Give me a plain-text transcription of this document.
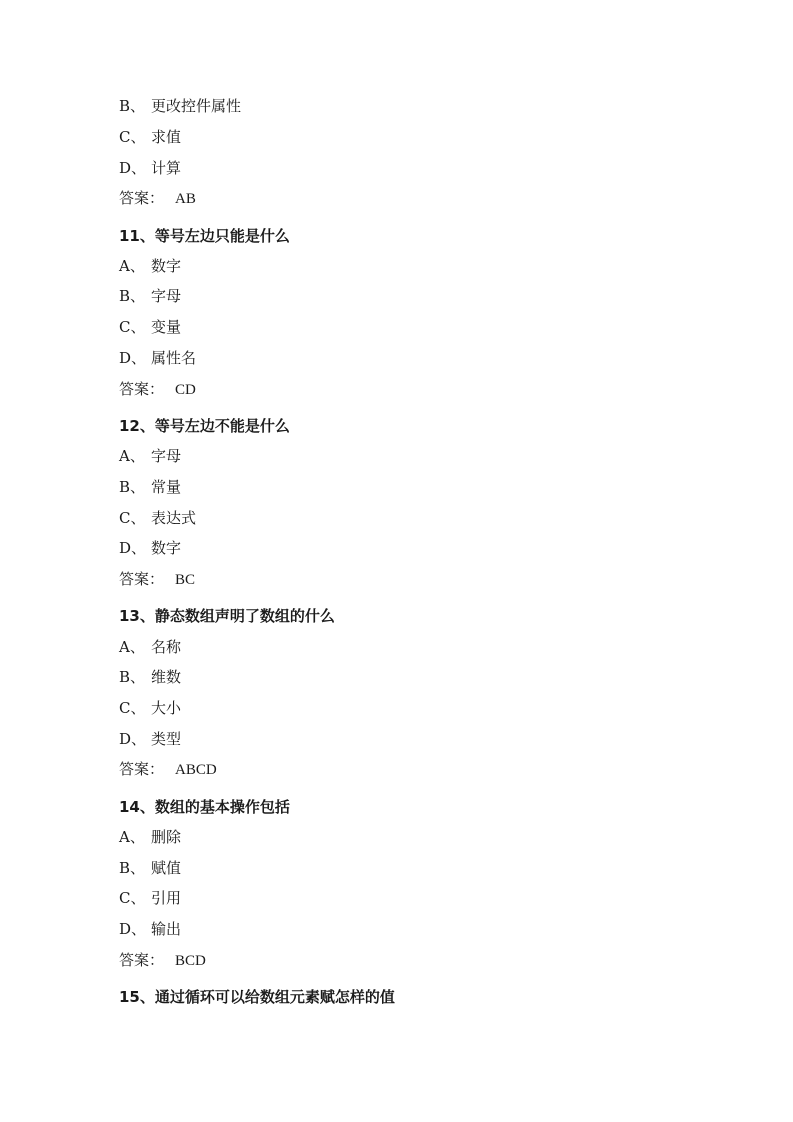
B、 更改控件属性
C、 求值
D、 计算
答案： AB
11、等号左边只能是什么
A、 数字
B、 字母
C、 变量
D、 属性名
答案： CD
12、等号左边不能是什么
A、 字母
B、 常量
C、 表达式
D、 数字
答案： BC
13、静态数组声明了数组的什么
A、 名称
B、 维数
C、 大小
D、 类型
答案： ABCD
14、数组的基本操作包括
A、 删除
B、 赋值
C、 引用
D、 输出
答案： BCD
15、通过循环可以给数组元素赋怎样的值
